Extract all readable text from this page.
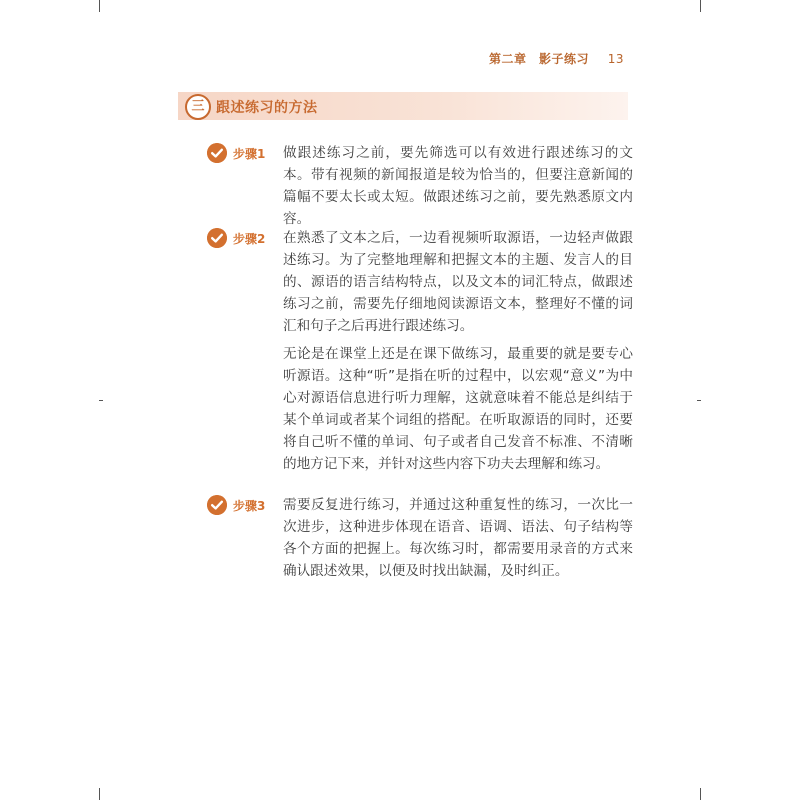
第二章　影子练习 13
三 跟述练习的方法
步骤1 做跟述练习之前，要先筛选可以有效进行跟述练习的文本。带有视频的新闻报道是较为恰当的，但要注意新闻的篇幅不要太长或太短。做跟述练习之前，要先熟悉原文内容。

步骤2 在熟悉了文本之后，一边看视频听取源语，一边轻声做跟述练习。为了完整地理解和把握文本的主题、发言人的目的、源语的语言结构特点，以及文本的词汇特点，做跟述练习之前，需要先仔细地阅读源语文本，整理好不懂的词汇和句子之后再进行跟述练习。

无论是在课堂上还是在课下做练习，最重要的就是要专心听源语。这种“听”是指在听的过程中，以宏观“意义”为中心对源语信息进行听力理解，这就意味着不能总是纠结于某个单词或者某个词组的搭配。在听取源语的同时，还要将自己听不懂的单词、句子或者自己发音不标准、不清晰的地方记下来，并针对这些内容下功夫去理解和练习。

步骤3 需要反复进行练习，并通过这种重复性的练习，一次比一次进步，这种进步体现在语音、语调、语法、句子结构等各个方面的把握上。每次练习时，都需要用录音的方式来确认跟述效果，以便及时找出缺漏，及时纠正。
